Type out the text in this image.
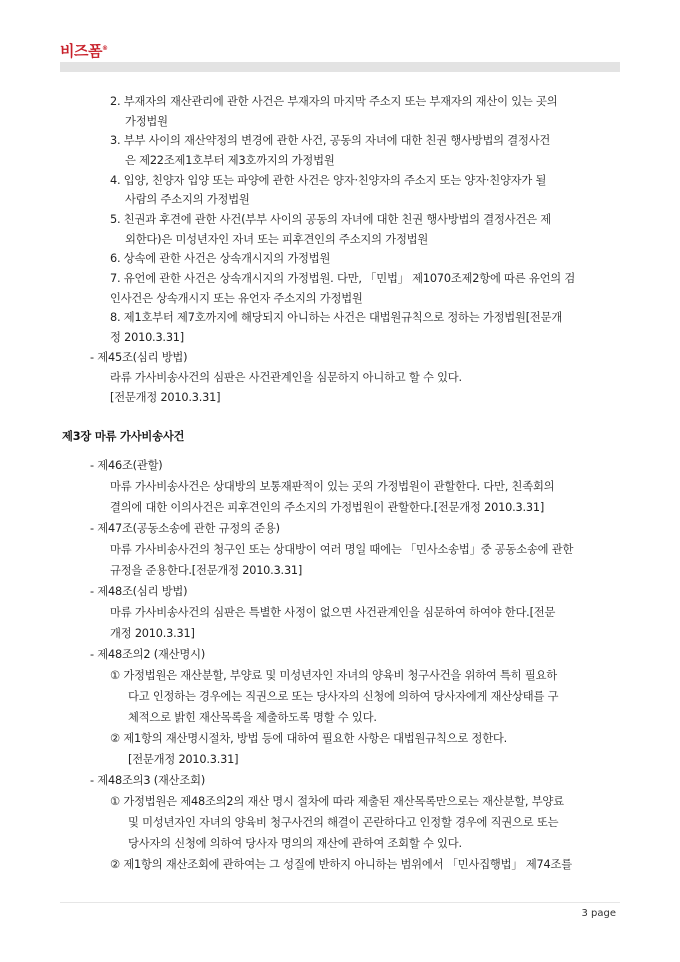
비즈폼®
2. 부재자의 재산관리에 관한 사건은 부재자의 마지막 주소지 또는 부재자의 재산이 있는 곳의
가정법원
3. 부부 사이의 재산약정의 변경에 관한 사건, 공동의 자녀에 대한 친권 행사방법의 결정사건
은 제22조제1호부터 제3호까지의 가정법원
4. 입양, 친양자 입양 또는 파양에 관한 사건은 양자·친양자의 주소지 또는 양자·친양자가 될
사람의 주소지의 가정법원
5. 친권과 후견에 관한 사건(부부 사이의 공동의 자녀에 대한 친권 행사방법의 결정사건은 제
외한다)은 미성년자인 자녀 또는 피후견인의 주소지의 가정법원
6. 상속에 관한 사건은 상속개시지의 가정법원
7. 유언에 관한 사건은 상속개시지의 가정법원. 다만, 「민법」 제1070조제2항에 따른 유언의 검
인사건은 상속개시지 또는 유언자 주소지의 가정법원
8. 제1호부터 제7호까지에 해당되지 아니하는 사건은 대법원규칙으로 정하는 가정법원[전문개
정 2010.3.31]
- 제45조(심리 방법)
라류 가사비송사건의 심판은 사건관계인을 심문하지 아니하고 할 수 있다.
[전문개정 2010.3.31]
제3장 마류 가사비송사건
- 제46조(관할)
마류 가사비송사건은 상대방의 보통재판적이 있는 곳의 가정법원이 관할한다. 다만, 친족회의
결의에 대한 이의사건은 피후견인의 주소지의 가정법원이 관할한다.[전문개정 2010.3.31]
- 제47조(공동소송에 관한 규정의 준용)
마류 가사비송사건의 청구인 또는 상대방이 여러 명일 때에는 「민사소송법」중 공동소송에 관한
규정을 준용한다.[전문개정 2010.3.31]
- 제48조(심리 방법)
마류 가사비송사건의 심판은 특별한 사정이 없으면 사건관계인을 심문하여 하여야 한다.[전문
개정 2010.3.31]
- 제48조의2 (재산명시)
① 가정법원은 재산분할, 부양료 및 미성년자인 자녀의 양육비 청구사건을 위하여 특히 필요하
다고 인정하는 경우에는 직권으로 또는 당사자의 신청에 의하여 당사자에게 재산상태를 구
체적으로 밝힌 재산목록을 제출하도록 명할 수 있다.
② 제1항의 재산명시절차, 방법 등에 대하여 필요한 사항은 대법원규칙으로 정한다.
[전문개정 2010.3.31]
- 제48조의3 (재산조회)
① 가정법원은 제48조의2의 재산 명시 절차에 따라 제출된 재산목록만으로는 재산분할, 부양료
및 미성년자인 자녀의 양육비 청구사건의 해결이 곤란하다고 인정할 경우에 직권으로 또는
당사자의 신청에 의하여 당사자 명의의 재산에 관하여 조회할 수 있다.
② 제1항의 재산조회에 관하여는 그 성질에 반하지 아니하는 범위에서 「민사집행법」 제74조를
3 page
